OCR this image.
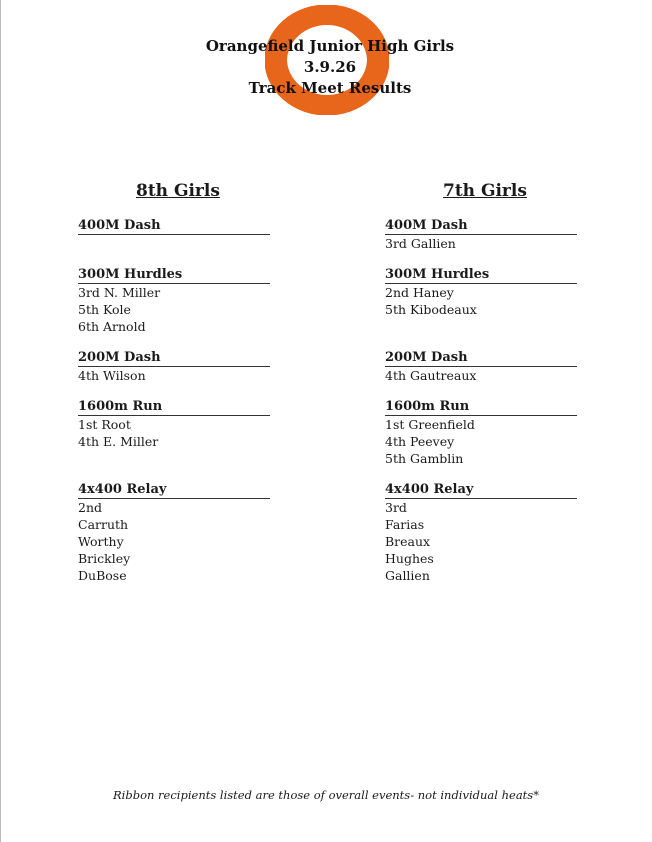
Orangefield Junior High Girls
3.9.26
Track Meet Results
8th Girls
400M Dash
300M Hurdles
3rd N. Miller
5th Kole
6th Arnold
200M Dash
4th Wilson
1600m Run
1st Root
4th E. Miller
4x400 Relay
2nd
Carruth
Worthy
Brickley
DuBose
7th Girls
400M Dash
3rd Gallien
300M Hurdles
2nd Haney
5th Kibodeaux
200M Dash
4th Gautreaux
1600m Run
1st Greenfield
4th Peevey
5th Gamblin
4x400 Relay
3rd
Farias
Breaux
Hughes
Gallien
Ribbon recipients listed are those of overall events- not individual heats*
